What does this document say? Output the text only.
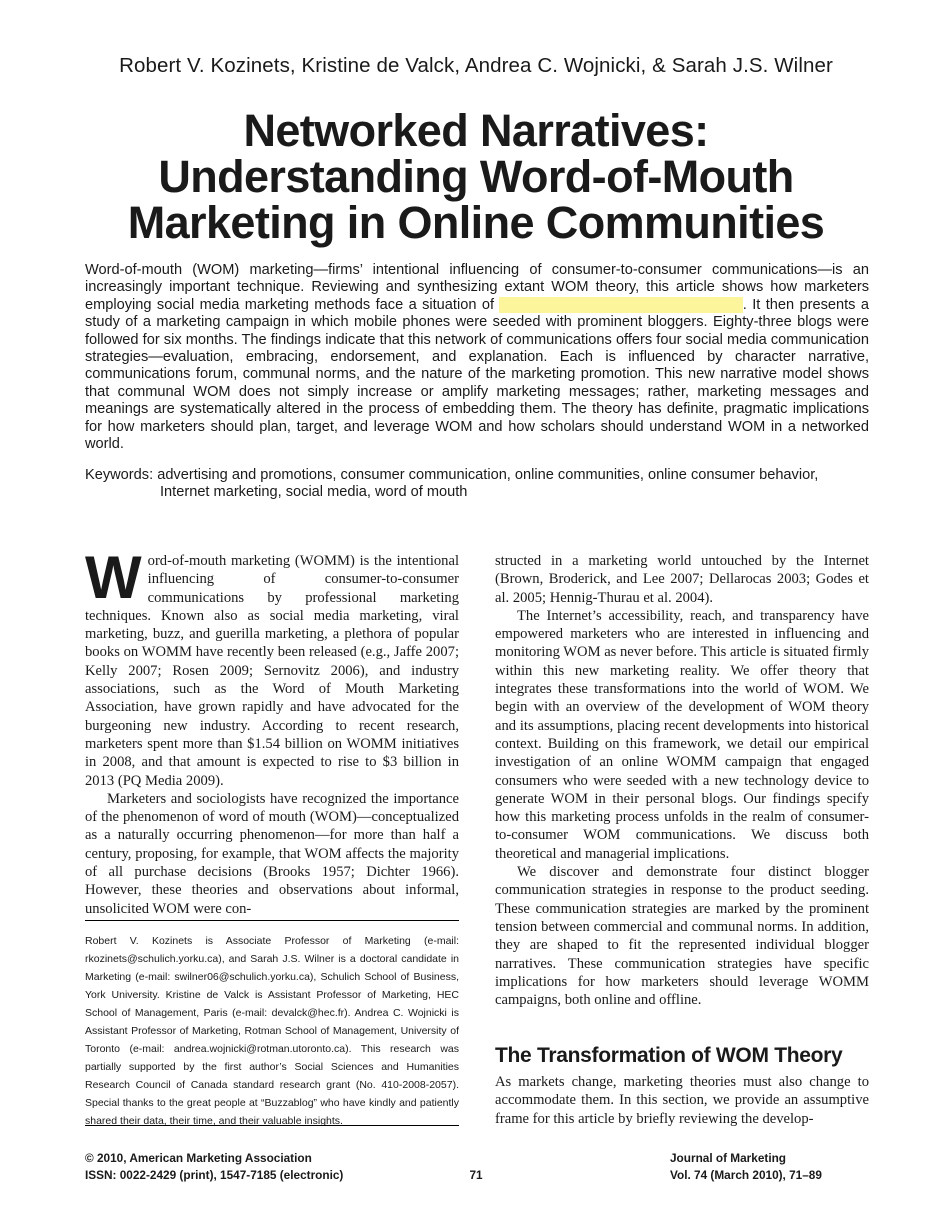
Robert V. Kozinets, Kristine de Valck, Andrea C. Wojnicki, & Sarah J.S. Wilner
Networked Narratives:
Understanding Word-of-Mouth
Marketing in Online Communities

Word-of-mouth (WOM) marketing—firms’ intentional influencing of consumer-to-consumer communications—is an increasingly important technique. Reviewing and synthesizing extant WOM theory, this article shows how marketers employing social media marketing methods face a situation of networked coproduction of narratives. It then presents a study of a marketing campaign in which mobile phones were seeded with prominent bloggers. Eighty-three blogs were followed for six months. The findings indicate that this network of communications offers four social media communication strategies—evaluation, embracing, endorsement, and explanation. Each is influenced by character narrative, communications forum, communal norms, and the nature of the marketing promotion. This new narrative model shows that communal WOM does not simply increase or amplify marketing messages; rather, marketing messages and meanings are systematically altered in the process of embedding them. The theory has definite, pragmatic implications for how marketers should plan, target, and leverage WOM and how scholars should understand WOM in a networked world.

Keywords: advertising and promotions, consumer communication, online communities, online consumer behavior,
Internet marketing, social media, word of mouth

Word-of-mouth marketing (WOMM) is the intentional influencing of consumer-to-consumer communications by professional marketing techniques. Known also as social media marketing, viral marketing, buzz, and guerilla marketing, a plethora of popular books on WOMM have recently been released (e.g., Jaffe 2007; Kelly 2007; Rosen 2009; Sernovitz 2006), and industry associations, such as the Word of Mouth Marketing Association, have grown rapidly and have advocated for the burgeoning new industry. According to recent research, marketers spent more than $1.54 billion on WOMM initiatives in 2008, and that amount is expected to rise to $3 billion in 2013 (PQ Media 2009).

Marketers and sociologists have recognized the importance of the phenomenon of word of mouth (WOM)—conceptualized as a naturally occurring phenomenon—for more than half a century, proposing, for example, that WOM affects the majority of all purchase decisions (Brooks 1957; Dichter 1966). However, these theories and observations about informal, unsolicited WOM were con-

structed in a marketing world untouched by the Internet (Brown, Broderick, and Lee 2007; Dellarocas 2003; Godes et al. 2005; Hennig-Thurau et al. 2004).

The Internet’s accessibility, reach, and transparency have empowered marketers who are interested in influencing and monitoring WOM as never before. This article is situated firmly within this new marketing reality. We offer theory that integrates these transformations into the world of WOM. We begin with an overview of the development of WOM theory and its assumptions, placing recent developments into historical context. Building on this framework, we detail our empirical investigation of an online WOMM campaign that engaged consumers who were seeded with a new technology device to generate WOM in their personal blogs. Our findings specify how this marketing process unfolds in the realm of consumer-to-consumer WOM communications. We discuss both theoretical and managerial implications.

We discover and demonstrate four distinct blogger communication strategies in response to the product seeding. These communication strategies are marked by the prominent tension between commercial and communal norms. In addition, they are shaped to fit the represented individual blogger narratives. These communication strategies have specific implications for how marketers should leverage WOMM campaigns, both online and offline.

Robert V. Kozinets is Associate Professor of Marketing (e-mail: rkozinets@schulich.yorku.ca), and Sarah J.S. Wilner is a doctoral candidate in Marketing (e-mail: swilner06@schulich.yorku.ca), Schulich School of Business, York University. Kristine de Valck is Assistant Professor of Marketing, HEC School of Management, Paris (e-mail: devalck@hec.fr). Andrea C. Wojnicki is Assistant Professor of Marketing, Rotman School of Management, University of Toronto (e-mail: andrea.wojnicki@rotman.utoronto.ca). This research was partially supported by the first author’s Social Sciences and Humanities Research Council of Canada standard research grant (No. 410-2008-2057). Special thanks to the great people at “Buzzablog” who have kindly and patiently shared their data, their time, and their valuable insights.

The Transformation of WOM Theory

As markets change, marketing theories must also change to accommodate them. In this section, we provide an assumptive frame for this article by briefly reviewing the develop-

© 2010, American Marketing Association
ISSN: 0022-2429 (print), 1547-7185 (electronic)	71
Journal of Marketing
Vol. 74 (March 2010), 71–89
